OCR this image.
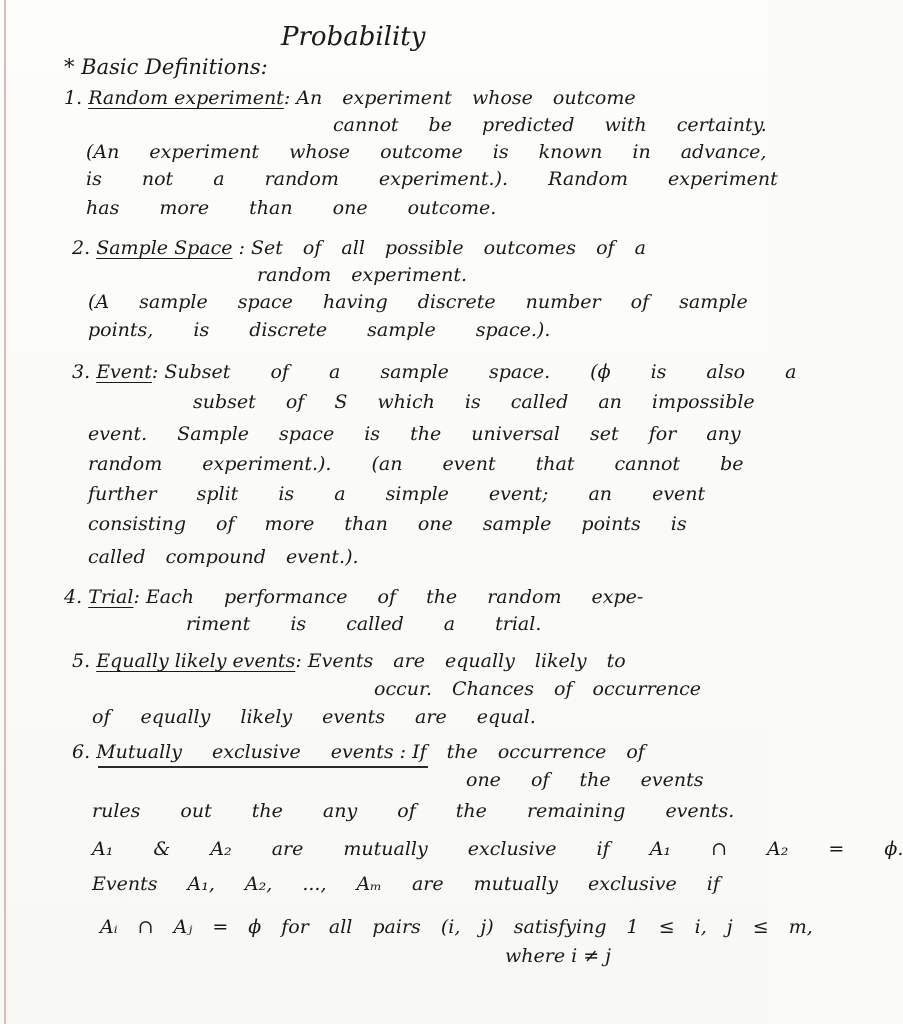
Probability
* Basic Definitions:
1. Random experiment: An experiment whose outcome
cannot be predicted with certainty.
(An experiment whose outcome is known in advance,
is not a random experiment.). Random experiment
has more than one outcome.
2. Sample Space : Set of all possible outcomes of a
random experiment.
(A sample space having discrete number of sample
points, is discrete sample space.).
3. Event: Subset of a sample space. (ϕ is also a
subset of S which is called an impossible
event. Sample space is the universal set for any
random experiment.). (an event that cannot be
further split is a simple event; an event
consisting of more than one sample points is
called compound event.).
4. Trial: Each performance of the random expe-
riment is called a trial.
5. Equally likely events: Events are equally likely to
occur. Chances of occurrence
of equally likely events are equal.
6. Mutually exclusive events : If the occurrence of
one of the events
rules out the any of the remaining events.
A₁ & A₂ are mutually exclusive if A₁ ∩ A₂ = ϕ.
Events A₁, A₂, ..., Aₘ are mutually exclusive if
Aᵢ ∩ Aⱼ = ϕ for all pairs (i, j) satisfying 1 ≤ i, j ≤ m,
where i ≠ j
